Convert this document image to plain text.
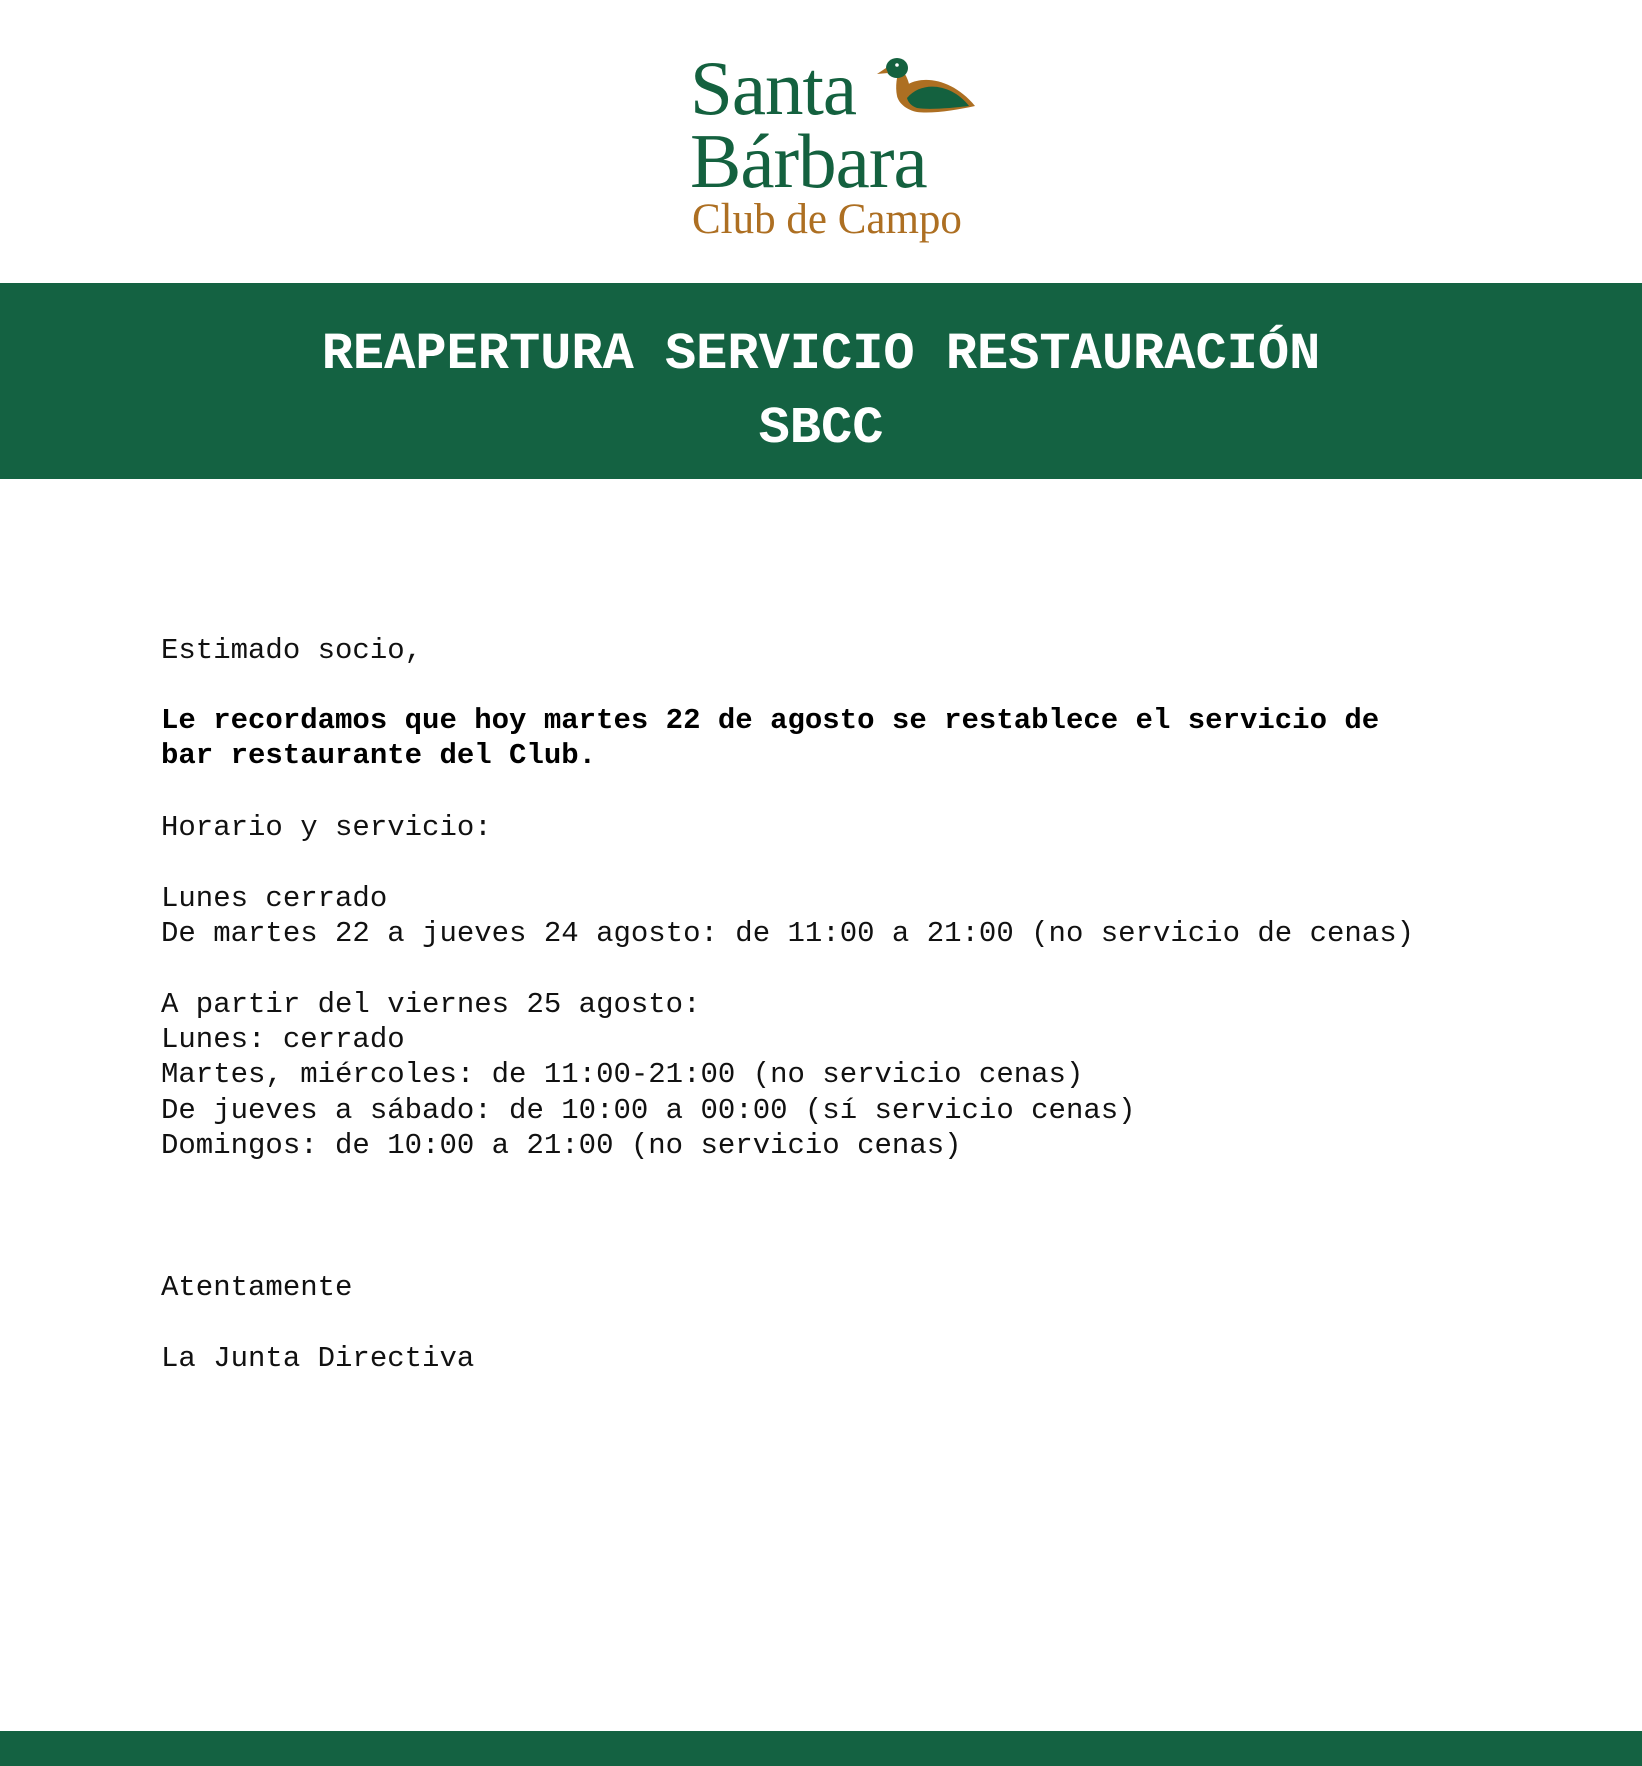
Santa
Bárbara
Club de Campo
REAPERTURA SERVICIO RESTAURACIÓN
SBCC
Estimado socio,
Le recordamos que hoy martes 22 de agosto se restablece el servicio de
bar restaurante del Club.
Horario y servicio:
Lunes cerrado
De martes 22 a jueves 24 agosto: de 11:00 a 21:00 (no servicio de cenas)
A partir del viernes 25 agosto:
Lunes: cerrado
Martes, miércoles: de 11:00-21:00 (no servicio cenas)
De jueves a sábado: de 10:00 a 00:00 (sí servicio cenas)
Domingos: de 10:00 a 21:00 (no servicio cenas)
Atentamente
La Junta Directiva
